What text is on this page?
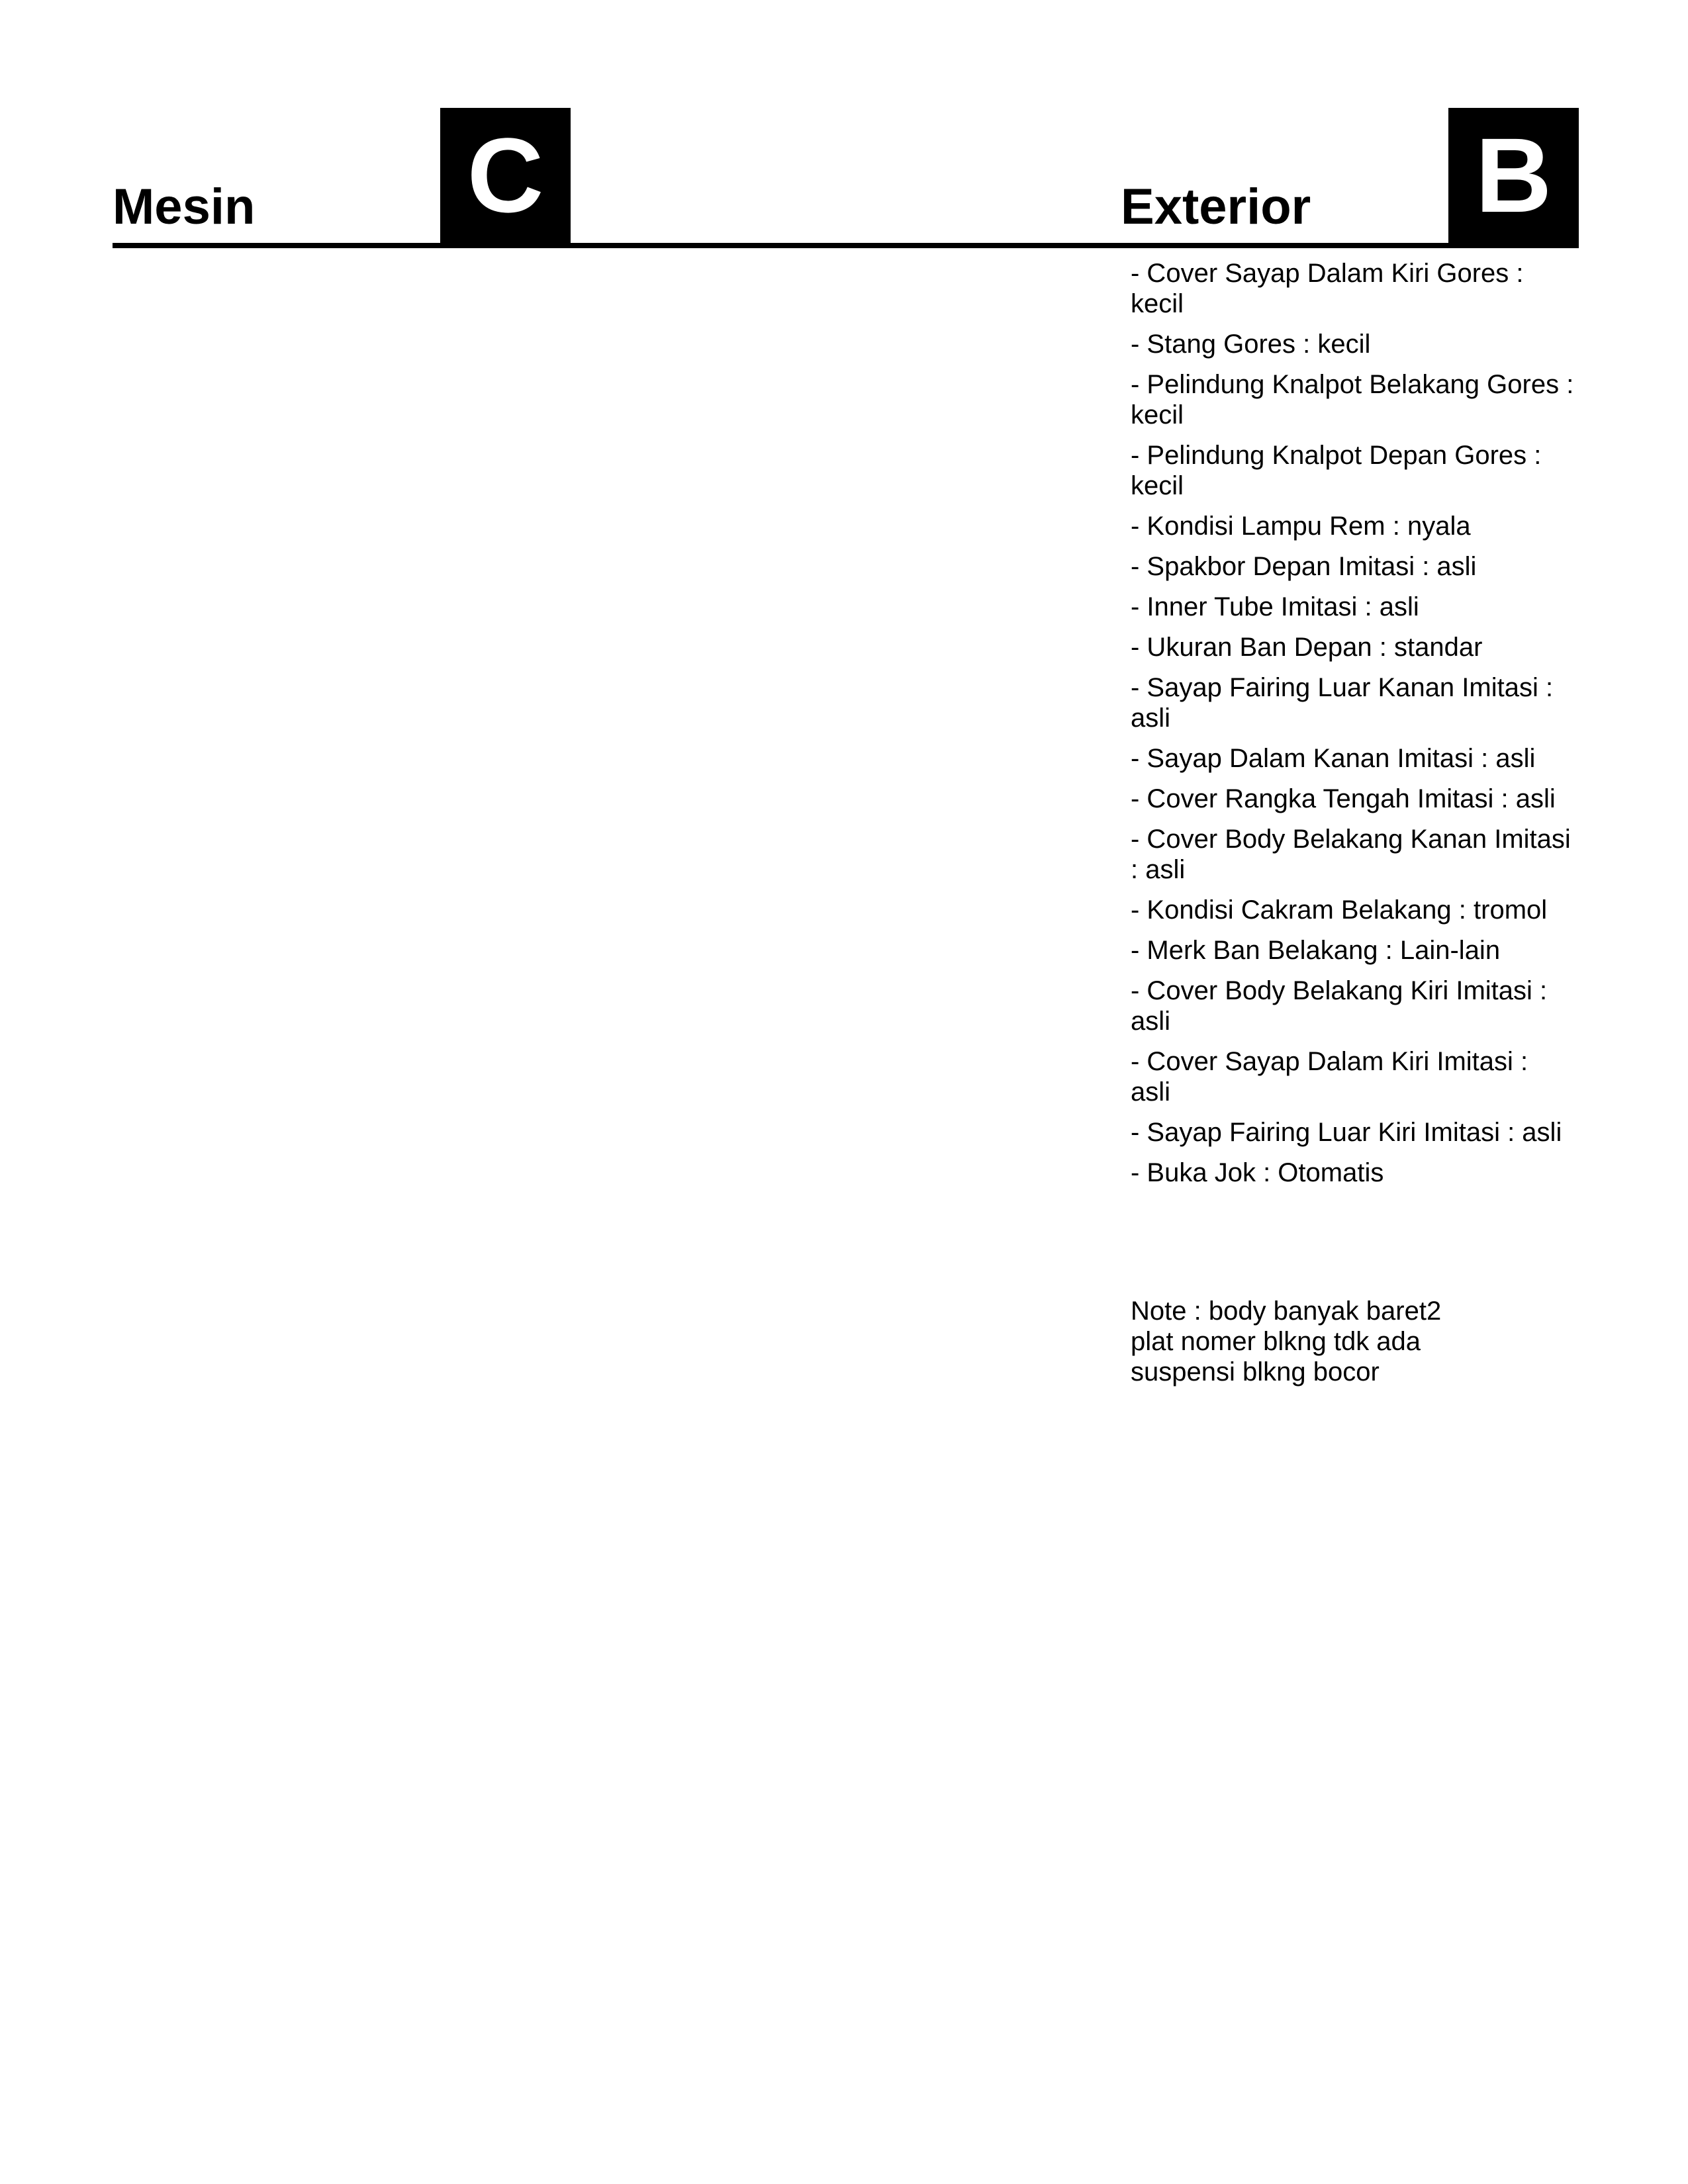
Mesin C	Exterior B
- Cover Sayap Dalam Kiri Gores : kecil
- Stang Gores : kecil
- Pelindung Knalpot Belakang Gores : kecil
- Pelindung Knalpot Depan Gores : kecil
- Kondisi Lampu Rem : nyala
- Spakbor Depan Imitasi : asli
- Inner Tube Imitasi : asli
- Ukuran Ban Depan : standar
- Sayap Fairing Luar Kanan Imitasi : asli
- Sayap Dalam Kanan Imitasi : asli
- Cover Rangka Tengah Imitasi : asli
- Cover Body Belakang Kanan Imitasi : asli
- Kondisi Cakram Belakang : tromol
- Merk Ban Belakang : Lain-lain
- Cover Body Belakang Kiri Imitasi : asli
- Cover Sayap Dalam Kiri Imitasi : asli
- Sayap Fairing Luar Kiri Imitasi : asli
- Buka Jok : Otomatis
Note : body banyak baret2
plat nomer blkng tdk ada
suspensi blkng bocor
